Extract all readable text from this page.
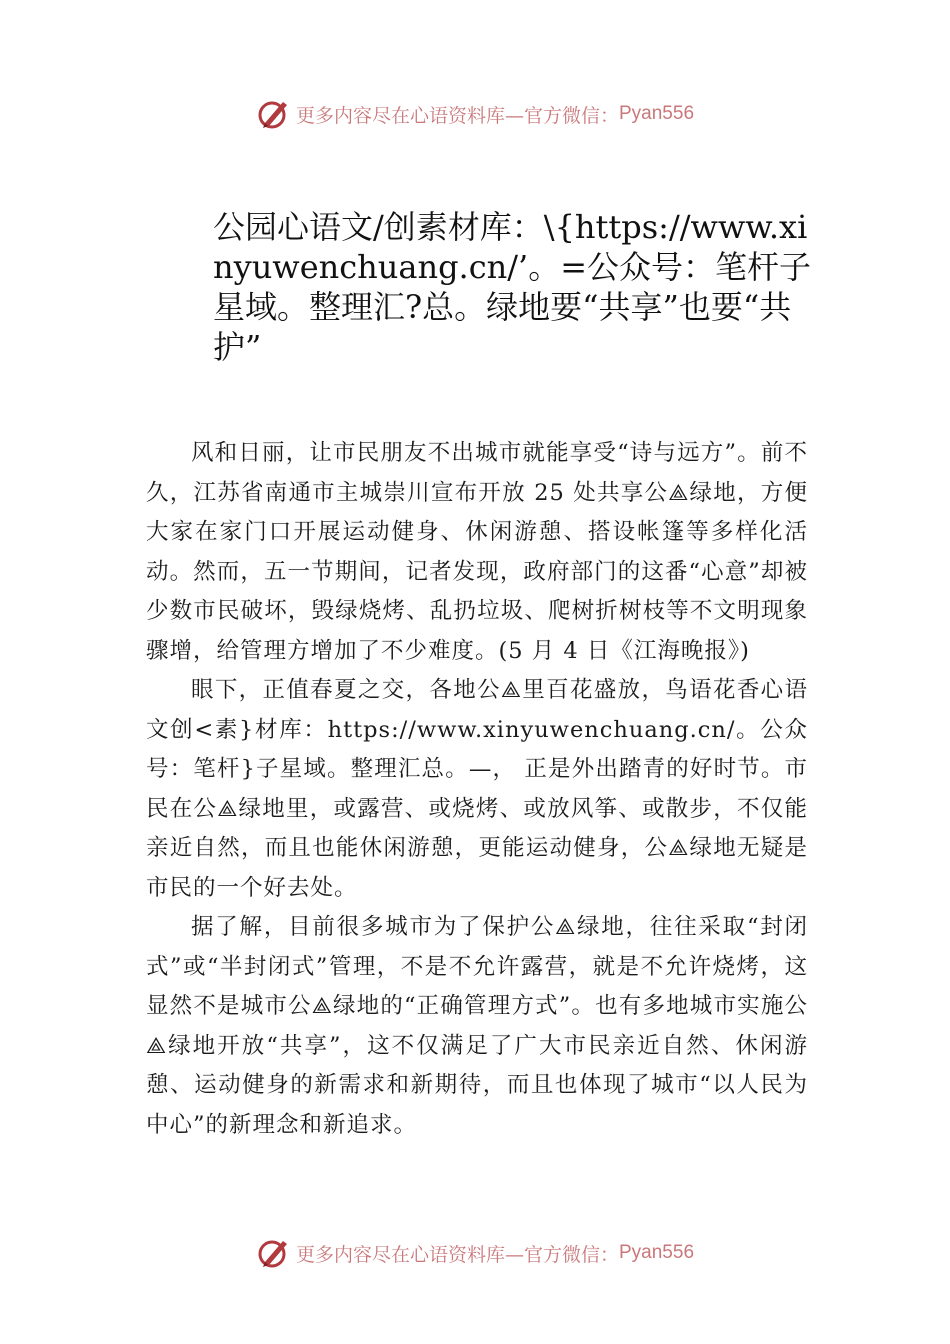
更多内容尽在心语资料库—官方微信： Pyan556
公园心语文/创素材库：\{https://www.xinyuwenchuang.cn/’。=公众号：笔杆子星域。整理汇?总。绿地要“共享”也要“共护”

风和日丽，让市民朋友不出城市就能享受“诗与远方”。前不久，江苏省南通市主城崇川宣布开放 25 处共享公⟁绿地，方便大家在家门口开展运动健身、休闲游憩、搭设帐篷等多样化活动。然而，五一节期间，记者发现，政府部门的这番“心意”却被少数市民破坏，毁绿烧烤、乱扔垃圾、爬树折树枝等不文明现象骤增，给管理方增加了不少难度。(5 月 4 日《江海晚报》)

眼下，正值春夏之交，各地公⟁里百花盛放，鸟语花香心语文创<素}材库：https://www.xinyuwenchuang.cn/。公众号：笔杆}子星域。整理汇总。—， 正是外出踏青的好时节。市民在公⟁绿地里，或露营、或烧烤、或放风筝、或散步，不仅能亲近自然，而且也能休闲游憩，更能运动健身，公⟁绿地无疑是市民的一个好去处。

据了解，目前很多城市为了保护公⟁绿地，往往采取“封闭式”或“半封闭式”管理，不是不允许露营，就是不允许烧烤，这显然不是城市公⟁绿地的“正确管理方式”。也有多地城市实施公⟁绿地开放“共享”，这不仅满足了广大市民亲近自然、休闲游憩、运动健身的新需求和新期待，而且也体现了城市“以人民为中心”的新理念和新追求。

更多内容尽在心语资料库—官方微信： Pyan556
